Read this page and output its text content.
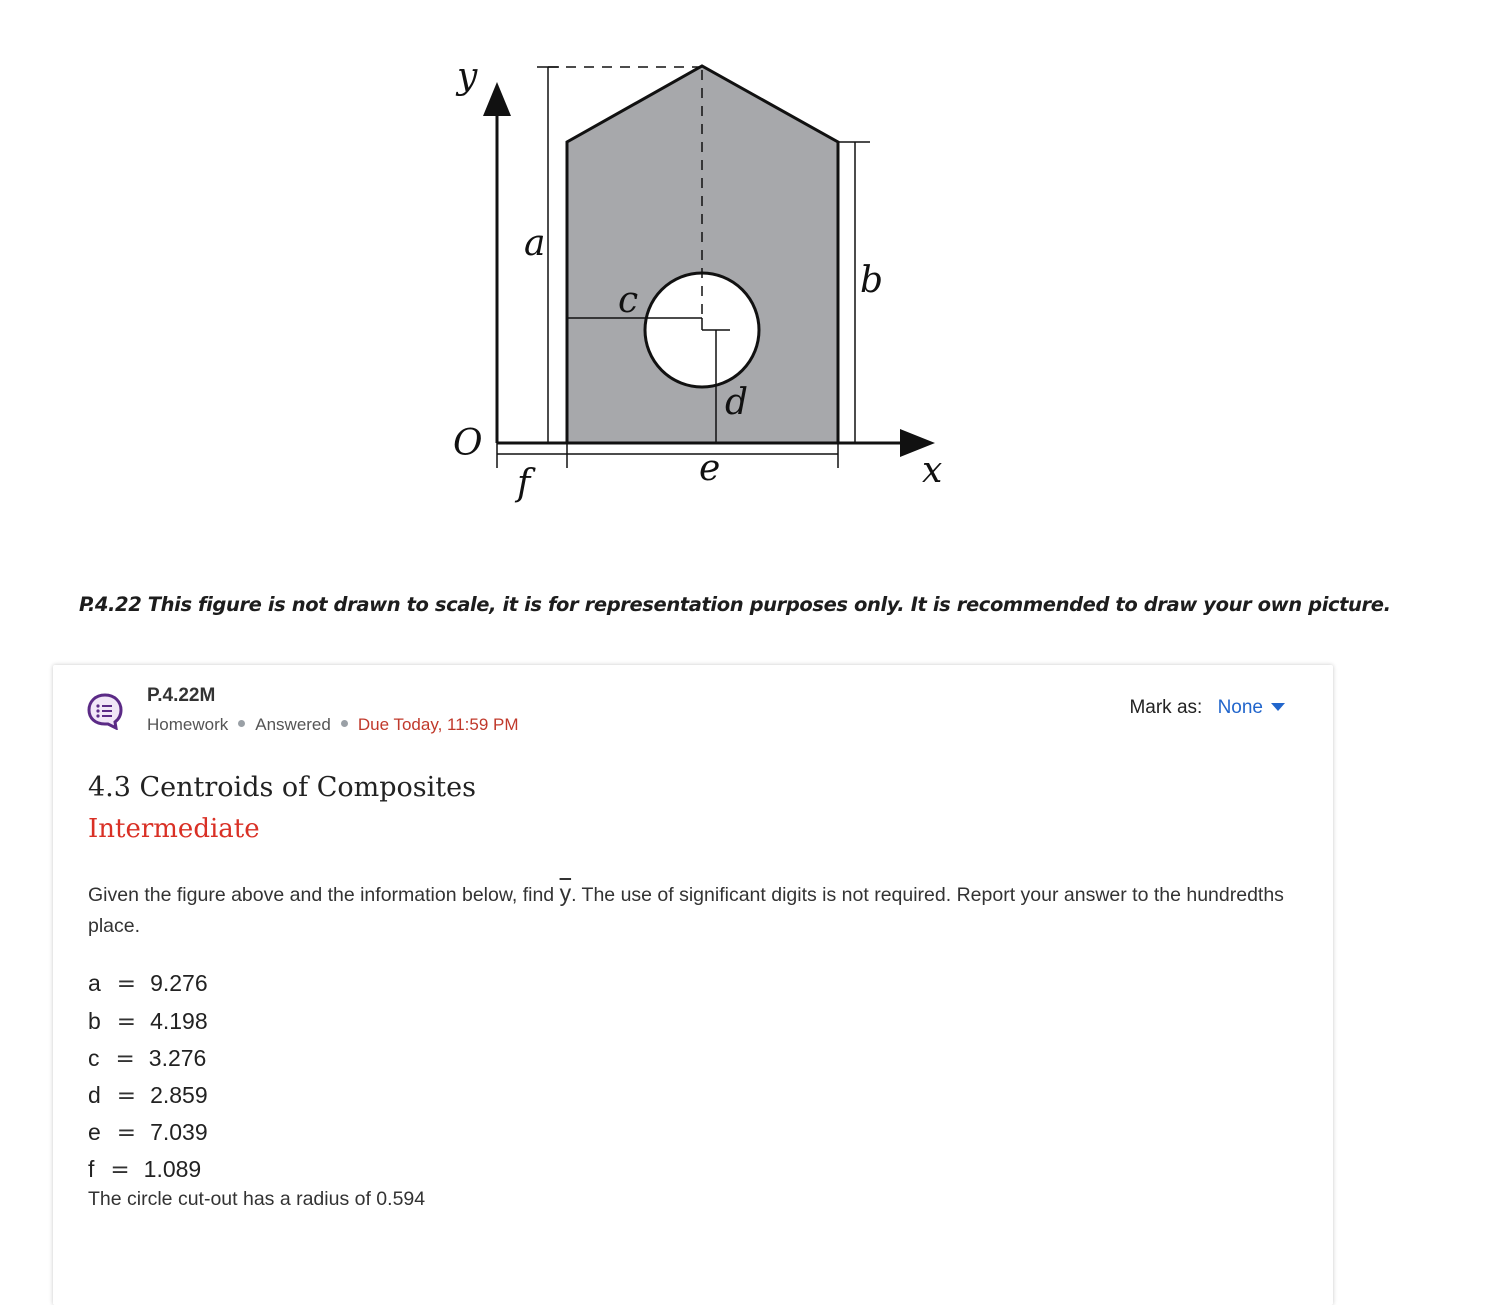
y
x
O
a
b
c
d
e
f
P.4.22 This figure is not drawn to scale, it is for representation purposes only. It is recommended to draw your own picture.
P.4.22M
Homework Answered Due Today, 11:59 PM
Mark as: None
4.3 Centroids of Composites
Intermediate
Given the figure above and the information below, find $\overline{y}$. The use of significant digits is not required. Report your answer to the hundredths place.
a = 9.276
b = 4.198
c = 3.276
d = 2.859
e = 7.039
f = 1.089
The circle cut-out has a radius of 0.594
